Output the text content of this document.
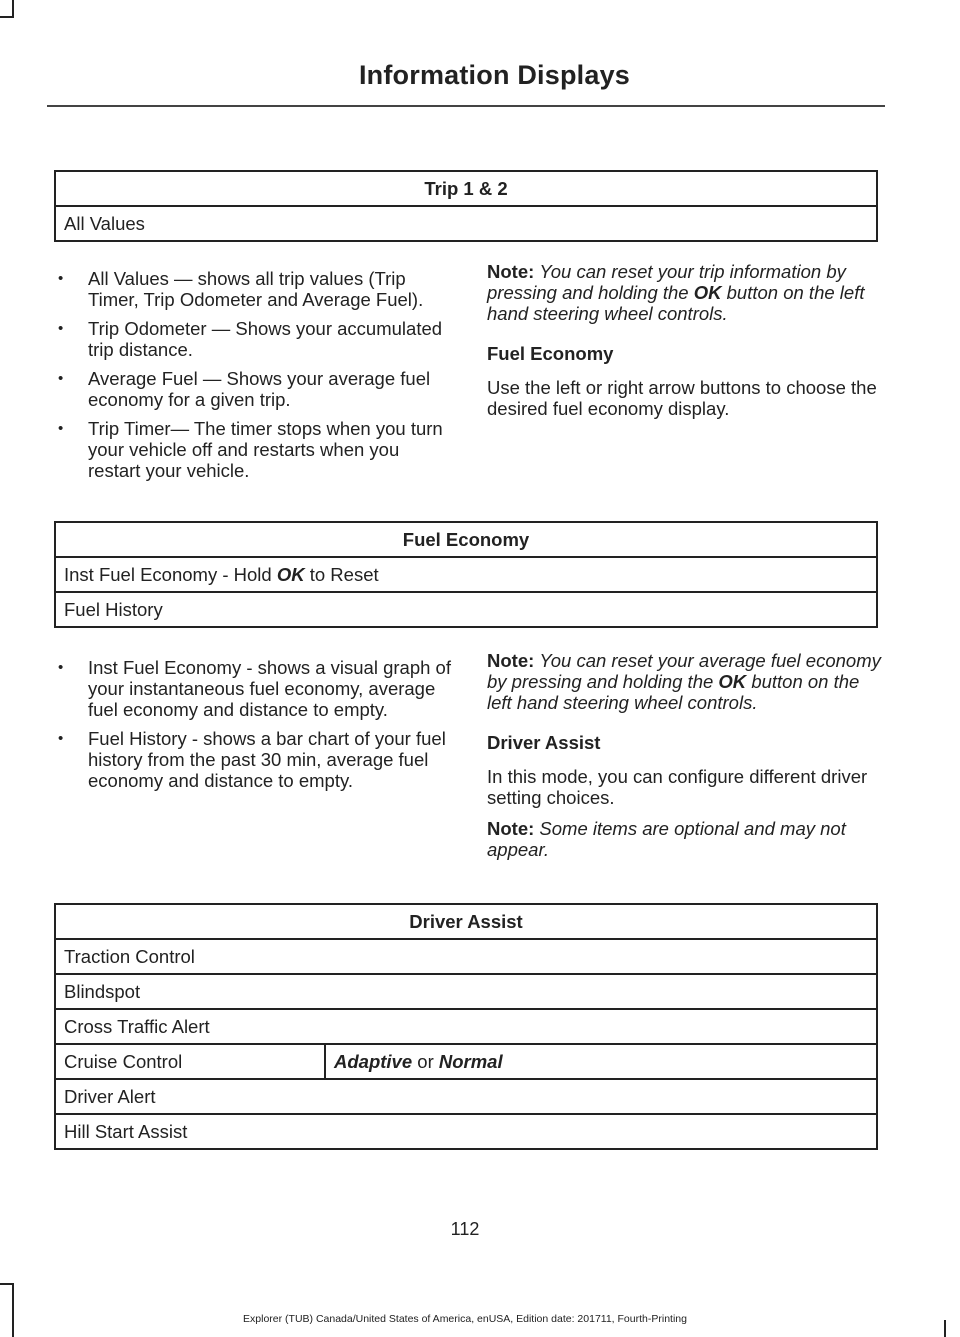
Information Displays
Trip 1 & 2
All Values
• All Values — shows all trip values (Trip Timer, Trip Odometer and Average Fuel).
• Trip Odometer — Shows your accumulated trip distance.
• Average Fuel — Shows your average fuel economy for a given trip.
• Trip Timer— The timer stops when you turn your vehicle off and restarts when you restart your vehicle.

Note: You can reset your trip information by pressing and holding the OK button on the left hand steering wheel controls.

Fuel Economy

Use the left or right arrow buttons to choose the desired fuel economy display.

Fuel Economy
Inst Fuel Economy - Hold OK to Reset
Fuel History
• Inst Fuel Economy - shows a visual graph of your instantaneous fuel economy, average fuel economy and distance to empty.
• Fuel History - shows a bar chart of your fuel history from the past 30 min, average fuel economy and distance to empty.

Note: You can reset your average fuel economy by pressing and holding the OK button on the left hand steering wheel controls.

Driver Assist

In this mode, you can configure different driver setting choices.

Note: Some items are optional and may not appear.

Driver Assist
Traction Control
Blindspot
Cross Traffic Alert
Cruise Control	Adaptive or Normal
Driver Alert
Hill Start Assist
112
Explorer (TUB) Canada/United States of America, enUSA, Edition date: 201711, Fourth-Printing
